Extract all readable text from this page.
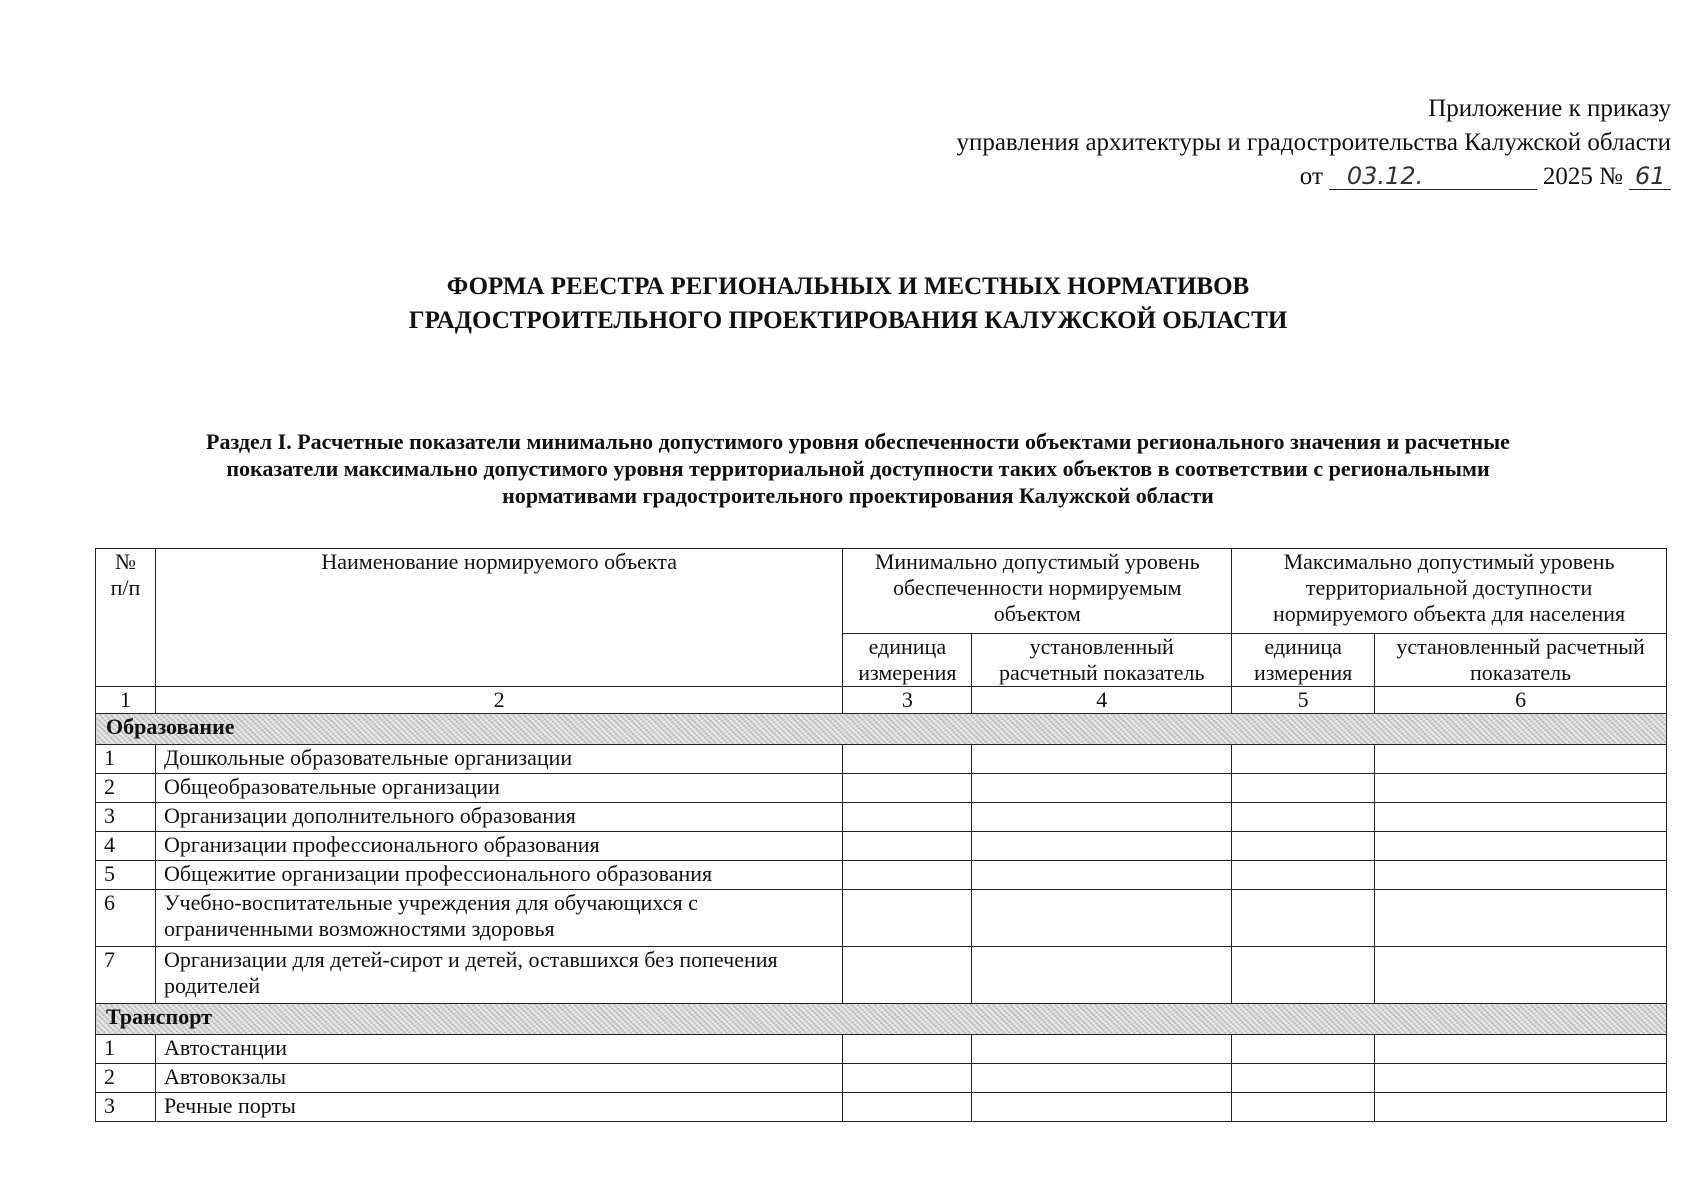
Приложение к приказу
управления архитектуры и градостроительства Калужской области
от	03.12.	2025 № 61
ФОРМА РЕЕСТРА РЕГИОНАЛЬНЫХ И МЕСТНЫХ НОРМАТИВОВ
ГРАДОСТРОИТЕЛЬНОГО ПРОЕКТИРОВАНИЯ КАЛУЖСКОЙ ОБЛАСТИ
Раздел I. Расчетные показатели минимально допустимого уровня обеспеченности объектами регионального значения и расчетные
показатели максимально допустимого уровня территориальной доступности таких объектов в соответствии с региональными
нормативами градостроительного проектирования Калужской области
№ п/п	Наименование нормируемого объекта	Минимально допустимый уровень обеспеченности нормируемым объектом		Максимально допустимый уровень территориальной доступности нормируемого объекта для населения	
		единица измерения	установленный расчетный показатель	единица измерения	установленный расчетный показатель
1	2	3	4	5	6
Образование					
1	Дошкольные образовательные организации				
2	Общеобразовательные организации				
3	Организации дополнительного образования				
4	Организации профессионального образования				
5	Общежитие организации профессионального образования				
6	Учебно-воспитательные учреждения для обучающихся с ограниченными возможностями здоровья				
7	Организации для детей-сирот и детей, оставшихся без попечения родителей				
Транспорт					
1	Автостанции				
2	Автовокзалы				
3	Речные порты				
